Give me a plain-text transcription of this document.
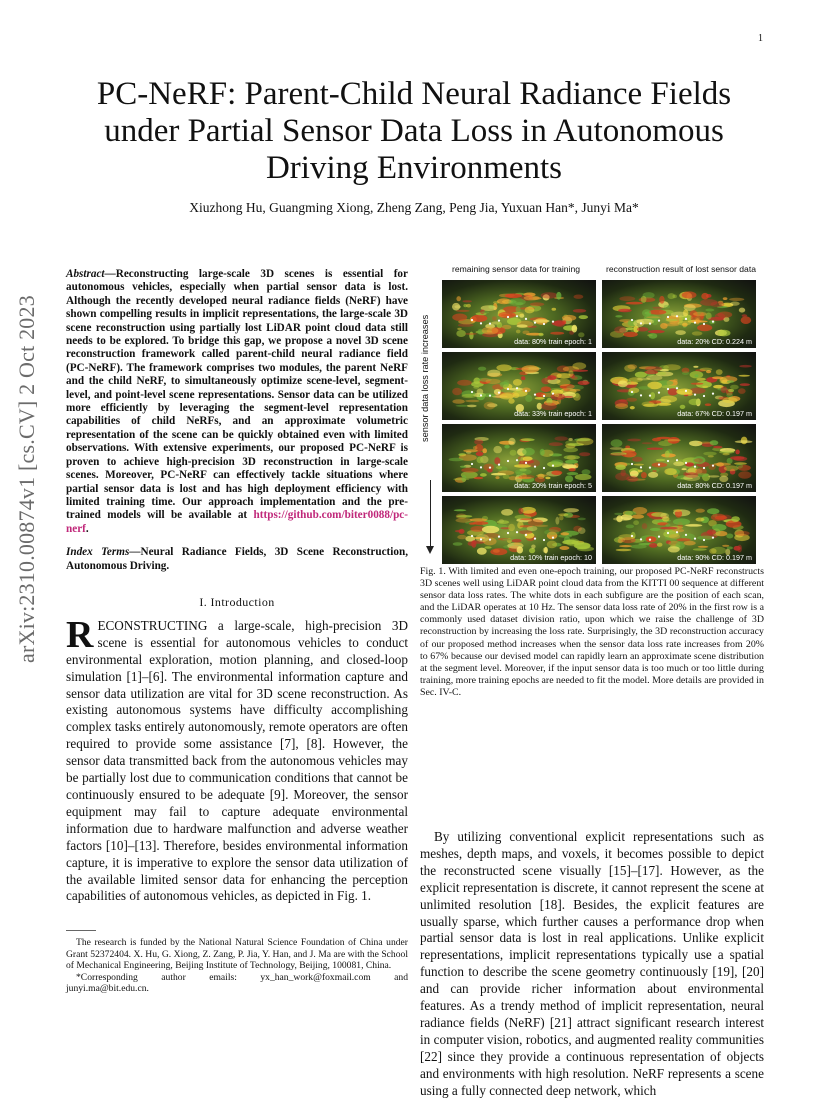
1
arXiv:2310.00874v1 [cs.CV] 2 Oct 2023
PC-NeRF: Parent-Child Neural Radiance Fields
under Partial Sensor Data Loss in Autonomous
Driving Environments
Xiuzhong Hu, Guangming Xiong, Zheng Zang, Peng Jia, Yuxuan Han*, Junyi Ma*
Abstract—Reconstructing large-scale 3D scenes is essential for autonomous vehicles, especially when partial sensor data is lost. Although the recently developed neural radiance fields (NeRF) have shown compelling results in implicit representations, the large-scale 3D scene reconstruction using partially lost LiDAR point cloud data still needs to be explored. To bridge this gap, we propose a novel 3D scene reconstruction framework called parent-child neural radiance field (PC-NeRF). The framework comprises two modules, the parent NeRF and the child NeRF, to simultaneously optimize scene-level, segment-level, and point-level scene representations. Sensor data can be utilized more efficiently by leveraging the segment-level representation capabilities of child NeRFs, and an approximate volumetric representation of the scene can be quickly obtained even with limited observations. With extensive experiments, our proposed PC-NeRF is proven to achieve high-precision 3D reconstruction in large-scale scenes. Moreover, PC-NeRF can effectively tackle situations where partial sensor data is lost and has high deployment efficiency with limited training time. Our approach implementation and the pre-trained models will be available at https://github.com/biter0088/pc-nerf.
Index Terms—Neural Radiance Fields, 3D Scene Reconstruction, Autonomous Driving.
I. Introduction

RECONSTRUCTING a large-scale, high-precision 3D scene is essential for autonomous vehicles to conduct environmental exploration, motion planning, and closed-loop simulation [1]–[6]. The environmental information capture and sensor data utilization are vital for 3D scene reconstruction. As existing autonomous systems have difficulty accomplishing complex tasks entirely autonomously, remote operators are often required to provide some assistance [7], [8]. However, the sensor data transmitted back from the autonomous vehicles may be partially lost due to communication conditions that cannot be continuously ensured to be adequate [9]. Moreover, the sensor equipment may fail to capture adequate environmental information due to hardware malfunction and adverse weather factors [10]–[13]. Therefore, besides environmental information capture, it is imperative to explore the sensor data utilization of the available limited sensor data for enhancing the perception capabilities of autonomous vehicles, as depicted in Fig. 1.

The research is funded by the National Natural Science Foundation of China under Grant 52372404. X. Hu, G. Xiong, Z. Zang, P. Jia, Y. Han, and J. Ma are with the School of Mechanical Engineering, Beijing Institute of Technology, Beijing, 100081, China.
*Corresponding author emails: yx_han_work@foxmail.com and junyi.ma@bit.edu.cn.
remaining sensor data for training	reconstruction result of lost sensor data
sensor data loss rate increases	data: 80% train epoch: 1	data: 20% CD: 0.224 m
data: 33% train epoch: 1	data: 67% CD: 0.197 m
data: 20% train epoch: 5	data: 80% CD: 0.197 m
data: 10% train epoch: 10	data: 90% CD: 0.197 m
Fig. 1. With limited and even one-epoch training, our proposed PC-NeRF reconstructs 3D scenes well using LiDAR point cloud data from the KITTI 00 sequence at different sensor data loss rates. The white dots in each subfigure are the position of each scan, and the LiDAR operates at 10 Hz. The sensor data loss rate of 20% in the first row is a commonly used dataset division ratio, upon which we raise the challenge of 3D reconstruction by increasing the loss rate. Surprisingly, the 3D reconstruction accuracy of our proposed method increases when the sensor data loss rate increases from 20% to 67% because our devised model can rapidly learn an approximate scene distribution at the segment level. Moreover, if the input sensor data is too much or too little during training, more training epochs are needed to fit the model. More details are provided in Sec. IV-C.

By utilizing conventional explicit representations such as meshes, depth maps, and voxels, it becomes possible to depict the reconstructed scene visually [15]–[17]. However, as the explicit representation is discrete, it cannot represent the scene at unlimited resolution [18]. Besides, the explicit features are usually sparse, which further causes a performance drop when partial sensor data is lost in real applications. Unlike explicit representations, implicit representations typically use a spatial function to describe the scene geometry continuously [19], [20] and can provide richer information about environmental features. As a trendy method of implicit representation, neural radiance fields (NeRF) [21] attract significant research interest in computer vision, robotics, and augmented reality communities [22] since they provide a continuous representation of objects and environments with high resolution. NeRF represents a scene using a fully connected deep network, which
